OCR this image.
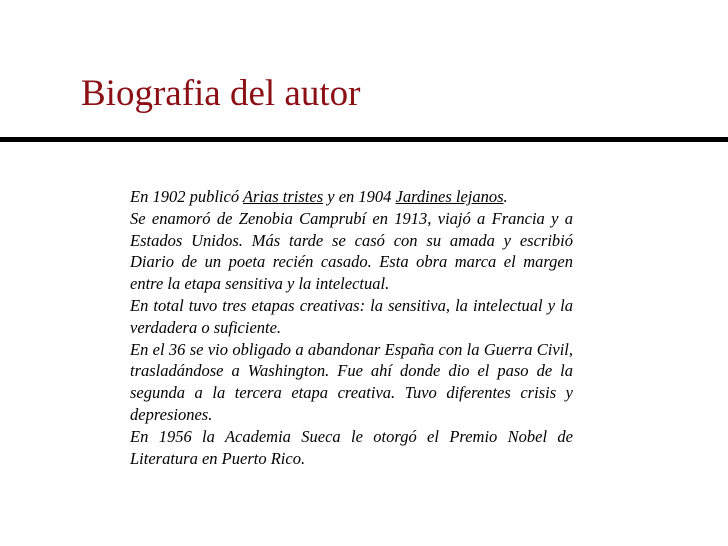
Biografia del autor

En 1902 publicó Arias tristes y en 1904 Jardines lejanos.

Se enamoró de Zenobia Camprubí en 1913, viajó a Francia y a Estados Unidos. Más tarde se casó con su amada y escribió Diario de un poeta recién casado. Esta obra marca el margen entre la etapa sensitiva y la intelectual.

En total tuvo tres etapas creativas: la sensitiva, la intelectual y la verdadera o suficiente.

En el 36 se vio obligado a abandonar España con la Guerra Civil, trasladándose a Washington. Fue ahí donde dio el paso de la segunda a la tercera etapa creativa. Tuvo diferentes crisis y depresiones.

En 1956 la Academia Sueca le otorgó el Premio Nobel de Literatura en Puerto Rico.
